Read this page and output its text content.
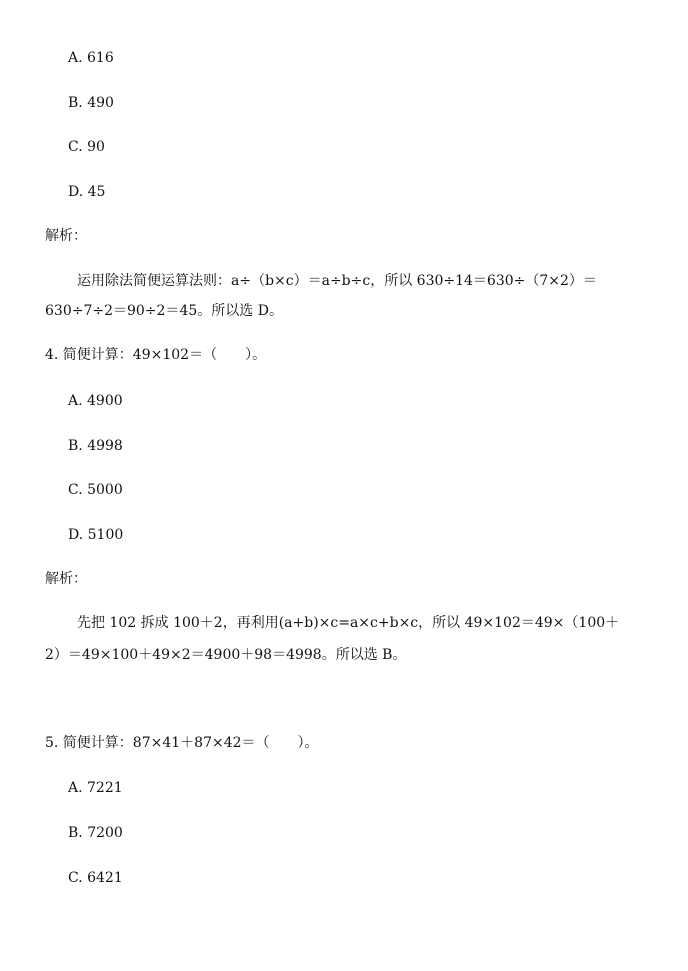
A. 616
B. 490
C. 90
D. 45
解析：
运用除法简便运算法则：a÷（b×c）＝a÷b÷c，所以 630÷14＝630÷（7×2）＝
630÷7÷2＝90÷2＝45。所以选 D。
4. 简便计算：49×102＝（　　）。
A. 4900
B. 4998
C. 5000
D. 5100
解析：
先把 102 拆成 100＋2，再利用(a+b)×c=a×c+b×c，所以 49×102＝49×（100＋
2）＝49×100＋49×2＝4900＋98＝4998。所以选 B。
5. 简便计算：87×41＋87×42＝（　　）。
A. 7221
B. 7200
C. 6421
